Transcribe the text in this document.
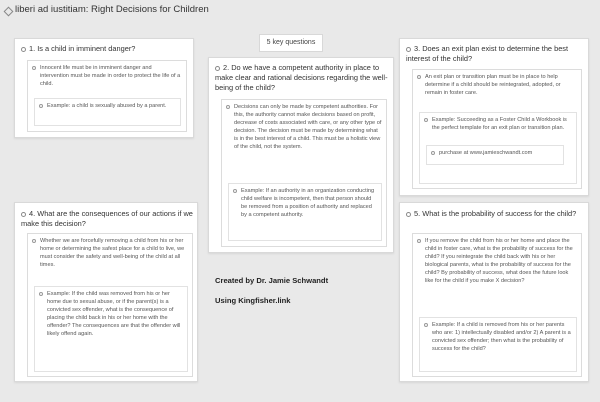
liberi ad iustitiam: Right Decisions for Children
5 key questions
1. Is a child in imminent danger?
Innocent life must be in imminent danger and intervention must be made in order to protect the life of a child.
Example: a child is sexually abused by a parent.
2. Do we have a competent authority in place to make clear and rational decisions regarding the well-being of the child?
Decisions can only be made by competent authorities. For this, the authority cannot make decisions based on profit, decrease of costs associated with care, or any other type of decision. The decision must be made by determining what is in the best interest of a child. This must be a holistic view of the child, not the system.
Example: If an authority in an organization conducting child welfare is incompetent, then that person should be removed from a position of authority and replaced by a competent authority.
3. Does an exit plan exist to determine the best interest of the child?
An exit plan or transition plan must be in place to help determine if a child should be reintegrated, adopted, or remain in foster care.
Example: Succeeding as a Foster Child a Workbook is the perfect template for an exit plan or transition plan.
purchase at www.jamieschwandt.com
4. What are the consequences of our actions if we make this decision?
Whether we are forcefully removing a child from his or her home or determining the safest place for a child to live, we must consider the safety and well-being of the child at all times.
Example: If the child was removed from his or her home due to sexual abuse, or if the parent(s) is a convicted sex offender, what is the consequence of placing the child back in his or her home with the offender? The consequences are that the offender will likely offend again.
5. What is the probability of success for the child?
If you remove the child from his or her home and place the child in foster care, what is the probability of success for the child? If you reintegrate the child back with his or her biological parents, what is the probability of success for the child? By probability of success, what does the future look like for the child if you make X decision?
Example: If a child is removed from his or her parents who are: 1) intellectually disabled and/or 2) A parent is a convicted sex offender; then what is the probability of success for the child?
Created by Dr. Jamie Schwandt
Using Kingfisher.link
